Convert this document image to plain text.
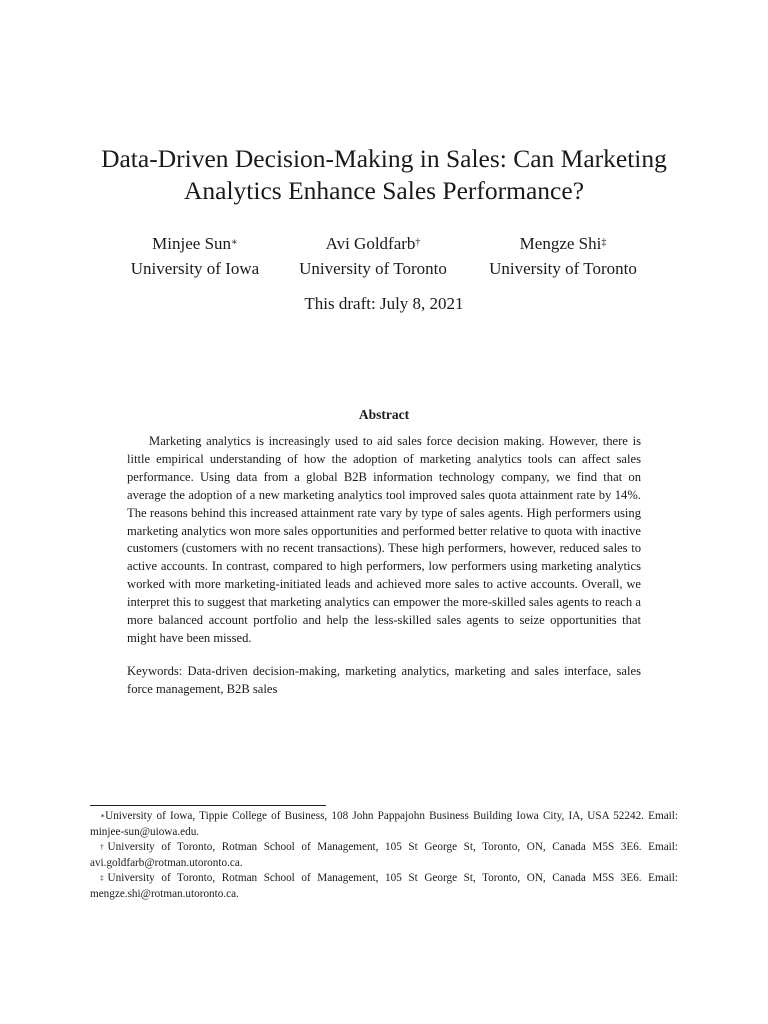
Data-Driven Decision-Making in Sales: Can Marketing
Analytics Enhance Sales Performance?
Minjee Sun∗
University of Iowa
Avi Goldfarb†
University of Toronto
Mengze Shi‡
University of Toronto
This draft: July 8, 2021
Abstract

Marketing analytics is increasingly used to aid sales force decision making. However, there is little empirical understanding of how the adoption of marketing analytics tools can affect sales performance. Using data from a global B2B information technology company, we find that on average the adoption of a new marketing analytics tool improved sales quota attainment rate by 14%. The reasons behind this increased attainment rate vary by type of sales agents. High performers using marketing analytics won more sales opportunities and performed better relative to quota with inactive customers (customers with no recent transactions). These high performers, however, reduced sales to active accounts. In contrast, compared to high performers, low performers using marketing analytics worked with more marketing-initiated leads and achieved more sales to active accounts. Overall, we interpret this to suggest that marketing analytics can empower the more-skilled sales agents to reach a more balanced account portfolio and help the less-skilled sales agents to seize opportunities that might have been missed.

Keywords: Data-driven decision-making, marketing analytics, marketing and sales interface, sales force management, B2B sales

∗University of Iowa, Tippie College of Business, 108 John Pappajohn Business Building Iowa City, IA, USA 52242. Email: minjee-sun@uiowa.edu.

†University of Toronto, Rotman School of Management, 105 St George St, Toronto, ON, Canada M5S 3E6. Email: avi.goldfarb@rotman.utoronto.ca.

‡University of Toronto, Rotman School of Management, 105 St George St, Toronto, ON, Canada M5S 3E6. Email: mengze.shi@rotman.utoronto.ca.
